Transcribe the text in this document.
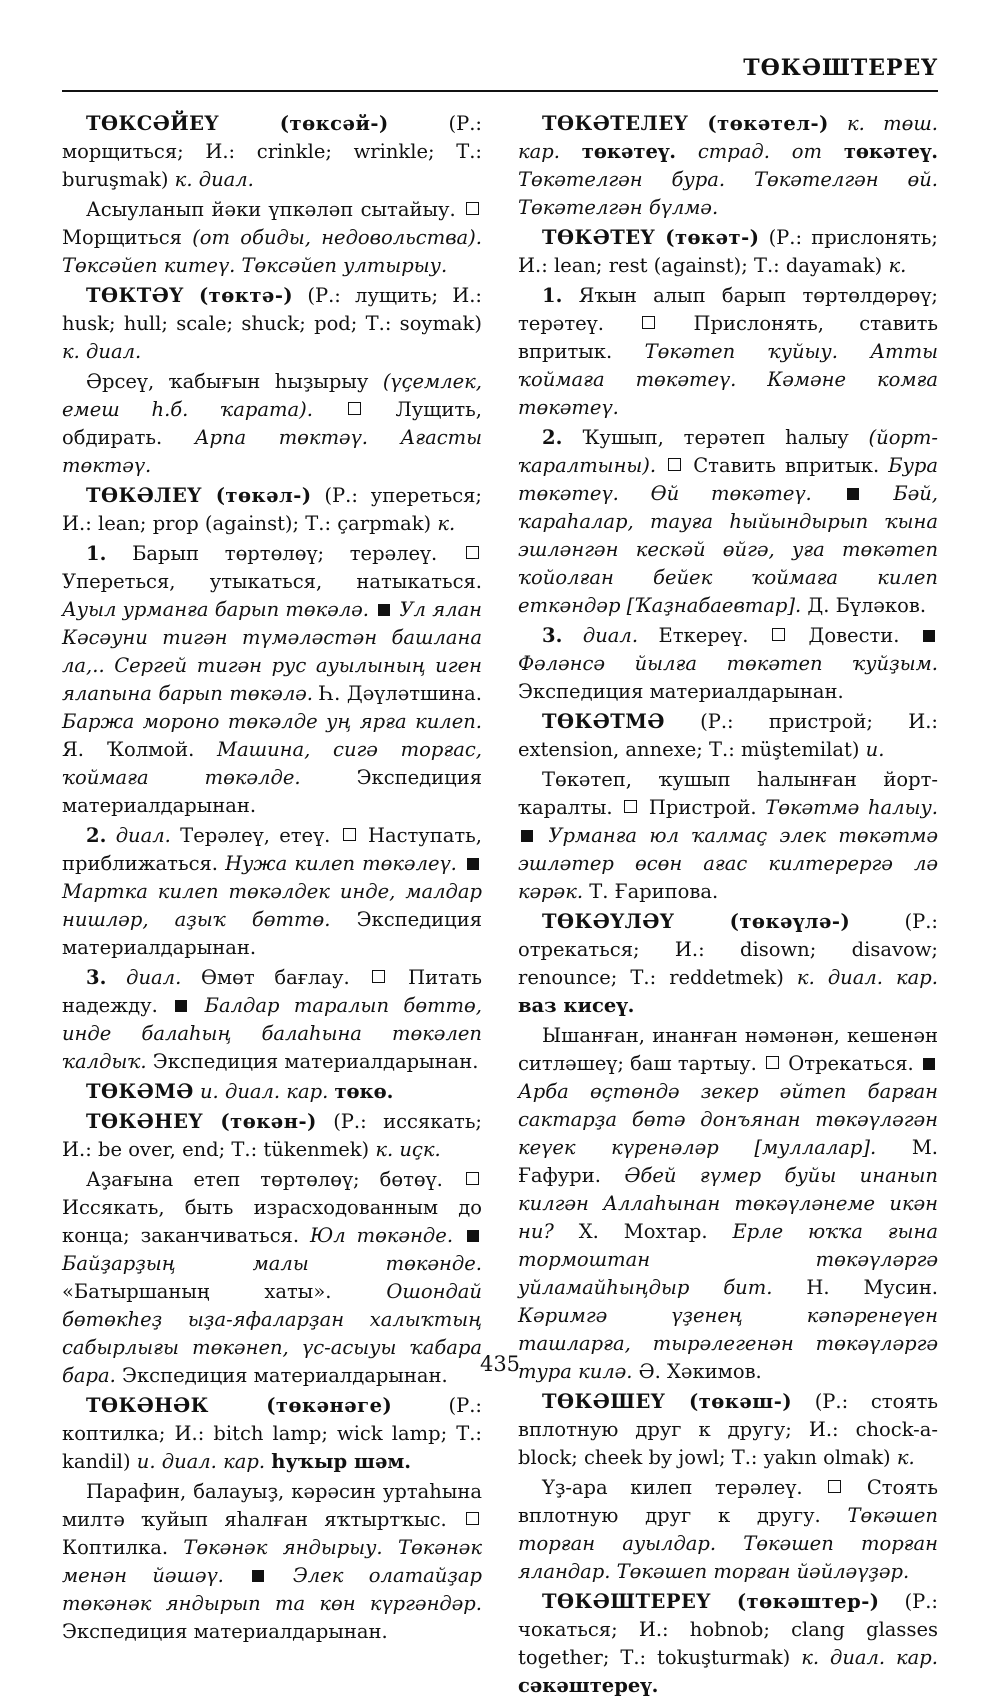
ТӨКӘШТЕРЕҮ
ТӨКСӘЙЕҮ (төксәй-) (Р.: морщиться; И.: crinkle; wrinkle; Т.: buruşmak) к. диал.
Асыуланып йәки үпкәләп сытайыу.  Морщиться (от обиды, недовольства). Төксәйеп китеү. Төксәйеп ултырыу.
ТӨКТӘҮ (төктә-) (Р.: лущить; И.: husk; hull; scale; shuck; pod; Т.: soymak) к. диал.
Әрсеү, ҡабығын һыҙырыу (үҫемлек, емеш һ.б. ҡарата).	Лущить, обдирать. Арпа төктәү. Ағасты төктәү.
ТӨКӘЛЕҮ (төкәл-) (Р.: упереться; И.: lean; prop (against); Т.: çarpmak) к.
1. Барып төртөлөү; терәлеү.  Упереться, утыкаться, натыкаться. Ауыл урманға барып төкәлә.  Ул ялан Кәсәуни тигән түмәләстән башлана ла,.. Сергей тигән рус ауылының иген ялanына барып төкәлә. Һ. Дәүләтшина. Баржа мороно төкәлде уң ярға килеп. Я. Ҡолмой. Машина, сигә торғас, ҡоймаға төкәлде. Экспедиция материалдарынан.
2. диал. Терәлеү, етеү.  Наступать, приближаться. Нужа килеп төкәлеү.  Мартка килеп төкәлдек инде, малдар нишләр, аҙыҡ бөттө. Экспедиция материалдарынан.
3. диал. Өмөт бағлау.  Питать надежду.  Балдар таралып бөттө, инде балаһың балаһына төкәлеп ҡалдыҡ. Экспедиция материалдарынан.
ТӨКӘМӘ и. диал. кар. төкө.
ТӨКӘНЕҮ (төкән-) (Р.: иссякать; И.: be over, end; Т.: tükenmek) к. иҫк.
Аҙағына етеп төртөлөү; бөтөү.  Иссякать, быть израсходованным до конца; заканчиваться. Юл төкәнде.  Байҙарҙың малы төкәнде. «Батыршаның хаты». Ошондай бөтөкһеҙ ыҙа-яфаларҙан халыҡтың сабырлығы төкәнеп, үс-асыуы ҡабара бара. Экспедиция материалдарынан.
ТӨКӘНӘК (төкәнәге) (Р.: коптилка; И.: bitch lamp; wick lamp; Т.: kandil) и. диал. кар. һуҡыр шәм.
Парафин, балауыҙ, кәрәсин уртаһына милтә ҡуйып яһалған яҡтыртҡыс.  Коптилка. Төкәнәк яндырыу. Төкәнәк менән йәшәү.  Элек олатайҙар төкәнәк яндырып та көн күргәндәр. Экспедиция материалдарынан.
ТӨКӘТЕЛЕҮ (төкәтел-) к. төш. кар. төкәтеү. страд. от төкәтеү. Төкәтелгән бура. Төкәтелгән өй. Төкәтелгән бүлмә.
ТӨКӘТЕҮ (төкәт-) (Р.: прислонять; И.: lean; rest (against); Т.: dayamak) к.
1. Яҡын алып барып төртөлдөрөү; терәтеү.  Прислонять, ставить впритык. Төкәтеп ҡуйыу. Атты ҡоймаға төкәтеү. Кәмәне комға төкәтеү.
2. Ҡушып, терәтеп һалыу (йорт-ҡаралтыны).  Ставить впритык. Бура төкәтеү. Өй төкәтеү.	Бәй, ҡараһалар, тауға һыйындырып ҡына эшләнгән кескәй өйгә, уға төкәтеп ҡойолған бейек ҡоймаға килеп еткәндәр [Ҡаҙнабаевтар]. Д. Бүләков.
3. диал. Еткереү.  Довести.  Фәләнсә йылға төкәтеп ҡуйҙым. Экспедиция материалдарынан.
ТӨКӘТМӘ (Р.: пристрой; И.: extension, annexe; Т.: müştemilat) и.
Төкәтеп, ҡушып һалынған йорт-ҡаралты.  Пристрой. Төкәтмә һалыу.  Урманға юл ҡалмаҫ элек төкәтмә эшләтер өсөн ағас килтерергә лә кәрәк. Т. Ғарипова.
ТӨКӘҮЛӘҮ (төкәүлә-) (Р.: отрекаться; И.: disown; disavow; renounce; Т.: reddetmek) к. диал. кар. ваз кисеү.
Ышанған, инанған нәмәнән, кешенән ситләшеү; баш тартыу.  Отрекаться.  Арба өҫтөндә зекер әйтеп барған сактарҙа бөтә донъянан төкәүләгән кеүек күренәләр [муллалар]. М. Ғафури. Әбей ғүмер буйы инанып килгән Аллаһынан төкәүләнеме икән ни? Х. Мохтар. Ерле юҡҡа ғына тормоштан төкәүләргә уйламайһыңдыр бит. Н. Мусин. Кәримгә үҙенең кәпәренеүен ташларға, тырәлегенән төкәүләргә тура килә. Ә. Хәкимов.
ТӨКӘШЕҮ (төкәш-) (Р.: стоять вплотную друг к другу; И.: chock-a-block; cheek by jowl; Т.: yakın olmak) к.
Үҙ-ара килеп терәлеү.  Стоять вплотную друг к другу. Төкәшеп торған ауылдар. Төкәшеп торған яландар. Төкәшеп торған йәйләүҙәр.
ТӨКӘШТЕРЕҮ (төкәштер-) (Р.: чокаться; И.: hobnob; clang glasses together; Т.: tokuşturmak) к. диал. кар. сәкәштереү.
435
